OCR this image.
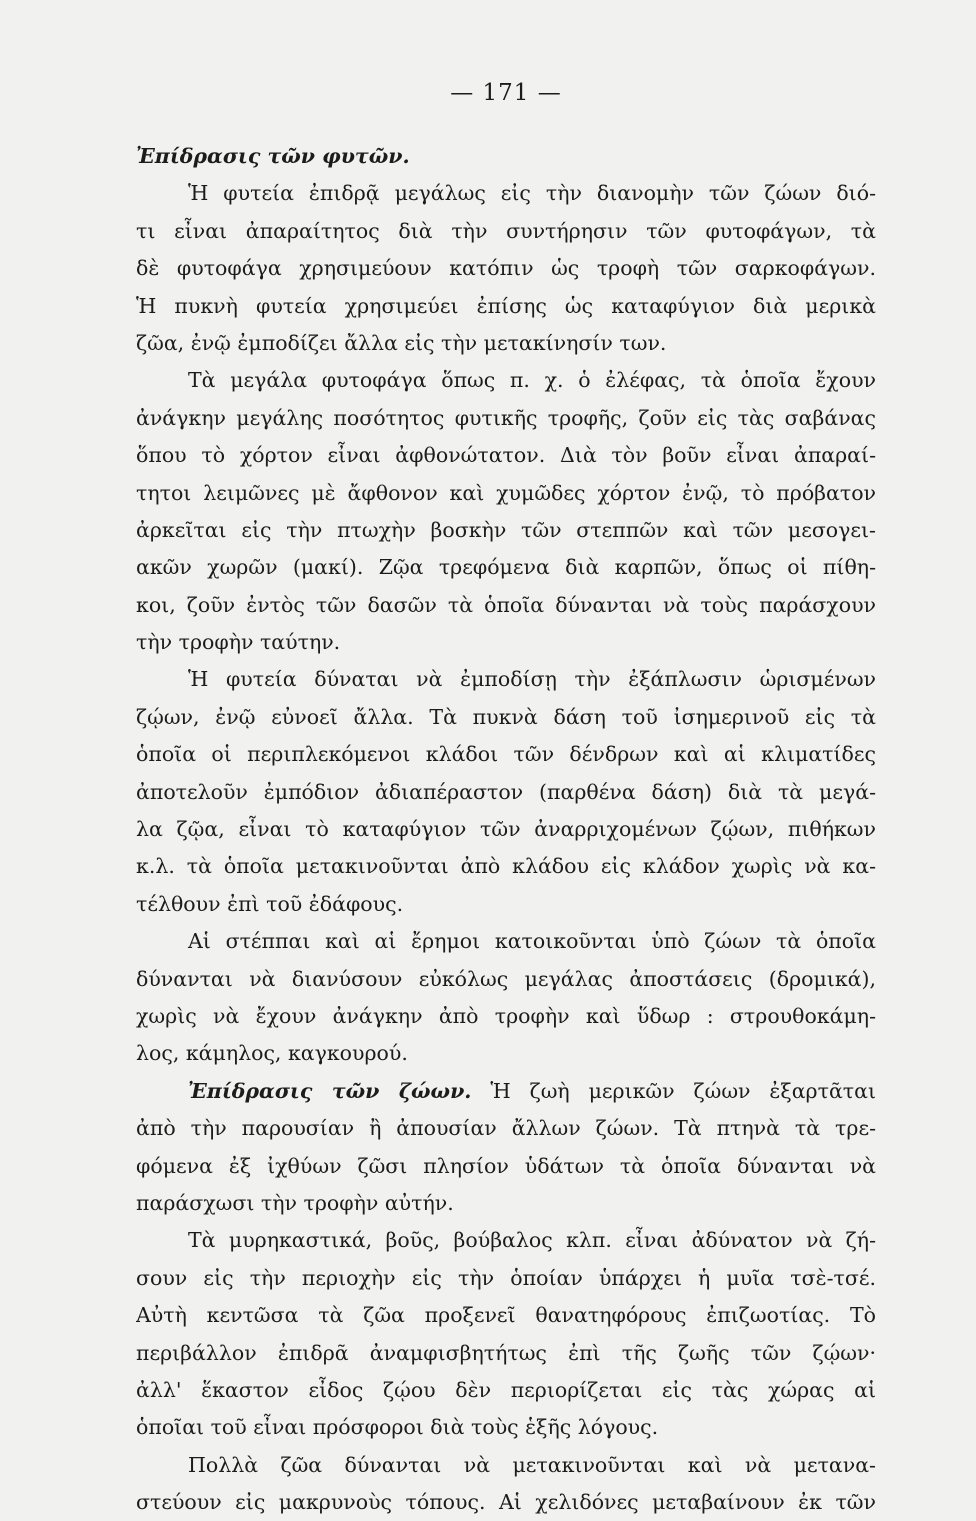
— 171 —
Ἐπίδρασις τῶν φυτῶν.
Ἡ φυτεία ἐπιδρᾷ μεγάλως εἰς τὴν διανομὴν τῶν ζώων διό-
τι εἶναι ἀπαραίτητος διὰ τὴν συντήρησιν τῶν φυτοφάγων, τὰ
δὲ φυτοφάγα χρησιμεύουν κατόπιν ὡς τροφὴ τῶν σαρκοφάγων.
Ἡ πυκνὴ φυτεία χρησιμεύει ἐπίσης ὡς καταφύγιον διὰ μερικὰ
ζῶα, ἐνῷ ἐμποδίζει ἄλλα εἰς τὴν μετακίνησίν των.
Τὰ μεγάλα φυτοφάγα ὅπως π. χ. ὁ ἐλέφας, τὰ ὁποῖα ἔχουν
ἀνάγκην μεγάλης ποσότητος φυτικῆς τροφῆς, ζοῦν εἰς τὰς σαβάνας
ὅπου τὸ χόρτον εἶναι ἀφθονώτατον. Διὰ τὸν βοῦν εἶναι ἀπαραί-
τητοι λειμῶνες μὲ ἄφθονον καὶ χυμῶδες χόρτον ἐνῷ, τὸ πρόβατον
ἀρκεῖται εἰς τὴν πτωχὴν βοσκὴν τῶν στεππῶν καὶ τῶν μεσογει-
ακῶν χωρῶν (μακί). Ζῷα τρεφόμενα διὰ καρπῶν, ὅπως οἱ πίθη-
κοι, ζοῦν ἐντὸς τῶν δασῶν τὰ ὁποῖα δύνανται νὰ τοὺς παράσχουν
τὴν τροφὴν ταύτην.
Ἡ φυτεία δύναται νὰ ἐμποδίσῃ τὴν ἐξάπλωσιν ὡρισμένων
ζῴων, ἐνῷ εὐνοεῖ ἄλλα. Τὰ πυκνὰ δάση τοῦ ἰσημερινοῦ εἰς τὰ
ὁποῖα οἱ περιπλεκόμενοι κλάδοι τῶν δένδρων καὶ αἱ κλιματίδες
ἀποτελοῦν ἐμπόδιον ἀδιαπέραστον (παρθένα δάση) διὰ τὰ μεγά-
λα ζῷα, εἶναι τὸ καταφύγιον τῶν ἀναρριχομένων ζῴων, πιθήκων
κ.λ. τὰ ὁποῖα μετακινοῦνται ἀπὸ κλάδου εἰς κλάδον χωρὶς νὰ κα-
τέλθουν ἐπὶ τοῦ ἐδάφους.
Αἱ στέππαι καὶ αἱ ἔρημοι κατοικοῦνται ὑπὸ ζώων τὰ ὁποῖα
δύνανται νὰ διανύσουν εὐκόλως μεγάλας ἀποστάσεις (δρομικά),
χωρὶς νὰ ἔχουν ἀνάγκην ἀπὸ τροφὴν καὶ ὕδωρ : στρουθοκάμη-
λος, κάμηλος, καγκουρού.
Ἐπίδρασις τῶν ζώων. Ἡ ζωὴ μερικῶν ζώων ἐξαρτᾶται
ἀπὸ τὴν παρουσίαν ἢ ἀπουσίαν ἄλλων ζώων. Τὰ πτηνὰ τὰ τρε-
φόμενα ἐξ ἰχθύων ζῶσι πλησίον ὑδάτων τὰ ὁποῖα δύνανται νὰ
παράσχωσι τὴν τροφὴν αὐτήν.
Τὰ μυρηκαστικά, βοῦς, βούβαλος κλπ. εἶναι ἀδύνατον νὰ ζή-
σουν εἰς τὴν περιοχὴν εἰς τὴν ὁποίαν ὑπάρχει ἡ μυῖα τσὲ-τσέ.
Αὐτὴ κεντῶσα τὰ ζῶα προξενεῖ θανατηφόρους ἐπιζωοτίας. Τὸ
περιβάλλον ἐπιδρᾶ ἀναμφισβητήτως ἐπὶ τῆς ζωῆς τῶν ζῴων·
ἀλλ' ἕκαστον εἶδος ζῴου δὲν περιορίζεται εἰς τὰς χώρας αἱ
ὁποῖαι τοῦ εἶναι πρόσφοροι διὰ τοὺς ἑξῆς λόγους.
Πολλὰ ζῶα δύνανται νὰ μετακινοῦνται καὶ νὰ μετανα-
στεύουν εἰς μακρυνοὺς τόπους. Αἱ χελιδόνες μεταβαίνουν ἐκ τῶν
